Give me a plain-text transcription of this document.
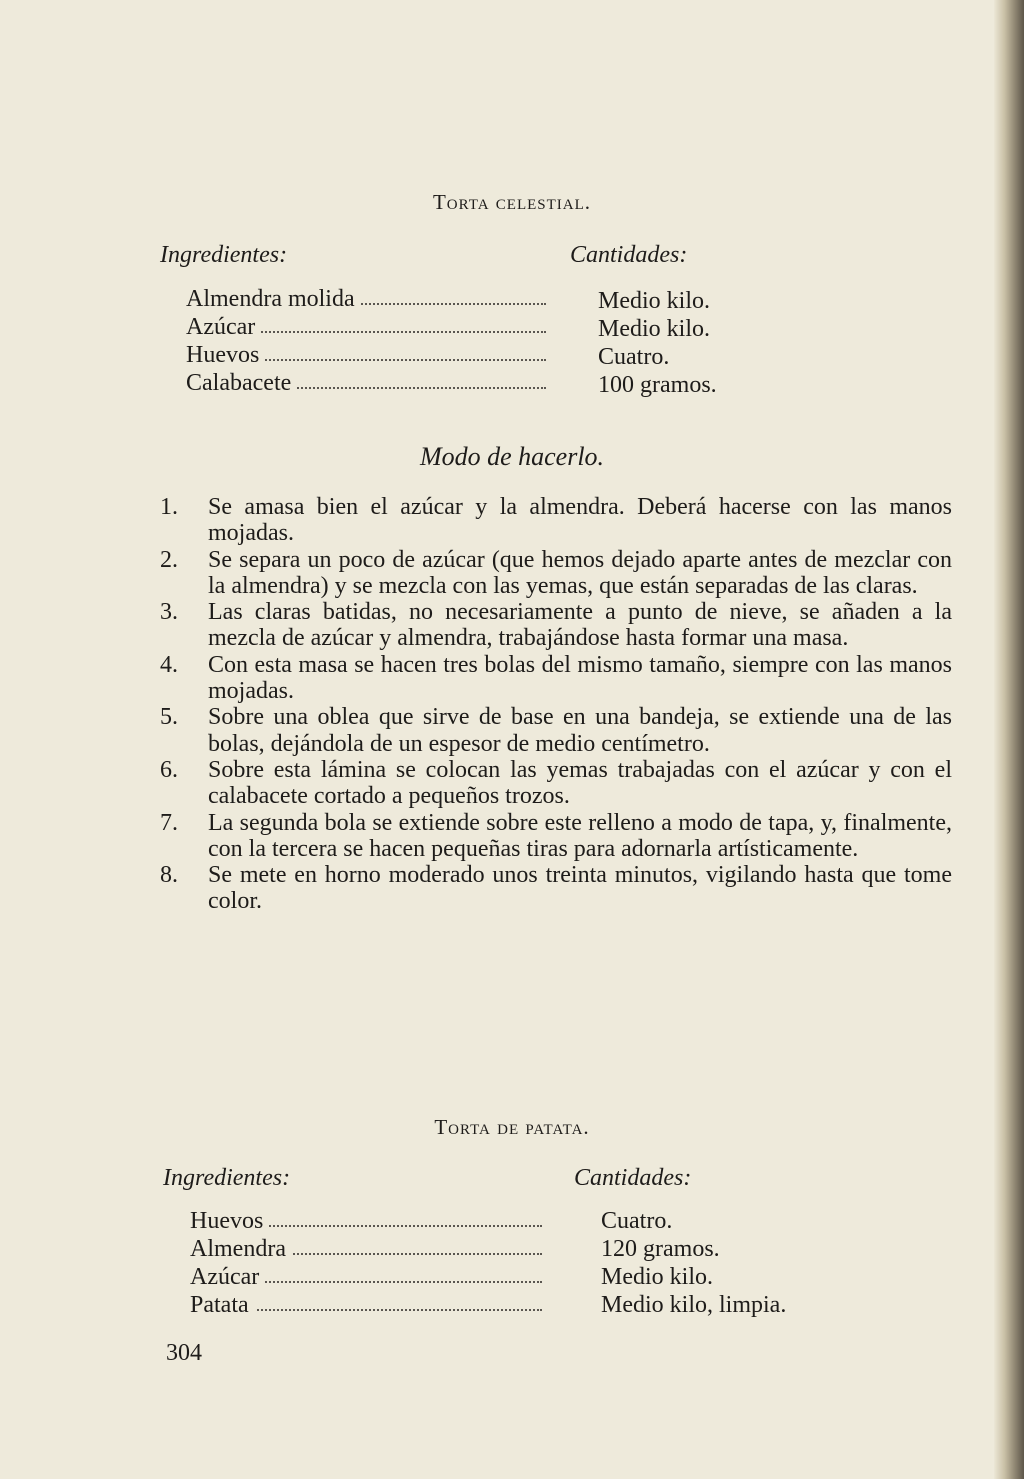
Torta celestial.
Ingredientes:	Cantidades:
Almendra molida
Azúcar
Huevos
Calabacete
Medio kilo.
Medio kilo.
Cuatro.
100 gramos.
Modo de hacerlo.
1. Se amasa bien el azúcar y la almendra. Deberá hacerse con las manos mojadas.
2. Se separa un poco de azúcar (que hemos dejado aparte antes de mezclar con la almendra) y se mezcla con las yemas, que están separadas de las claras.
3. Las claras batidas, no necesariamente a punto de nieve, se añaden a la mezcla de azúcar y almendra, trabajándose hasta formar una masa.
4. Con esta masa se hacen tres bolas del mismo tamaño, siempre con las manos mojadas.
5. Sobre una oblea que sirve de base en una bandeja, se extiende una de las bolas, dejándola de un espesor de medio centímetro.
6. Sobre esta lámina se colocan las yemas trabajadas con el azúcar y con el calabacete cortado a pequeños trozos.
7. La segunda bola se extiende sobre este relleno a modo de tapa, y, finalmente, con la tercera se hacen pequeñas tiras para adornarla artísticamente.
8. Se mete en horno moderado unos treinta minutos, vigilando hasta que tome color.
Torta de patata.
Ingredientes:	Cantidades:
Huevos
Almendra
Azúcar
Patata
Cuatro.
120 gramos.
Medio kilo.
Medio kilo, limpia.
304
